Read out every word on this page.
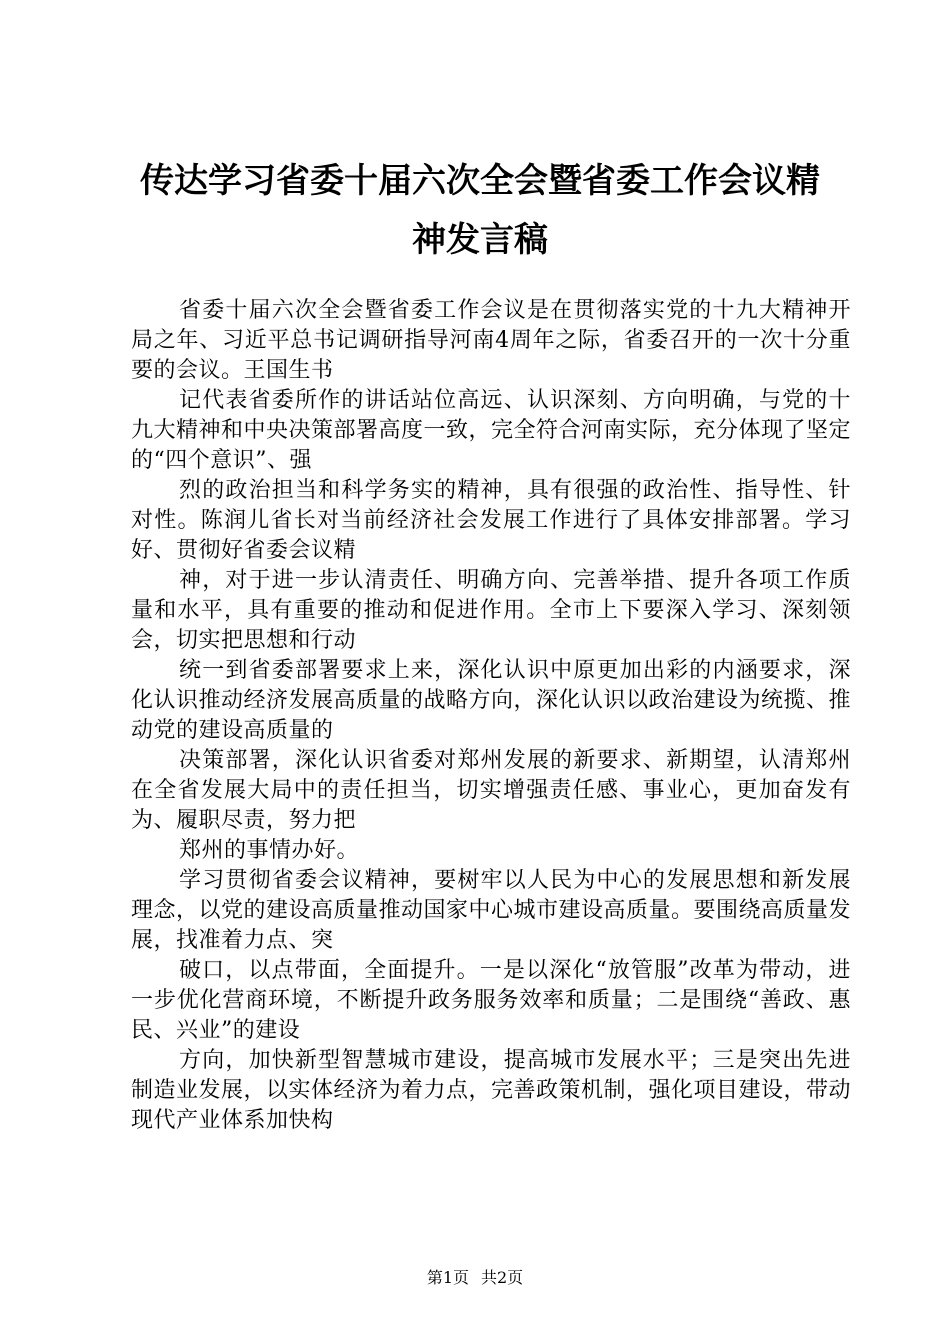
传达学习省委十届六次全会暨省委工作会议精
神发言稿

省委十届六次全会暨省委工作会议是在贯彻落实党的十九大精神开局之年、习近平总书记调研指导河南4周年之际，省委召开的一次十分重要的会议。王国生书

记代表省委所作的讲话站位高远、认识深刻、方向明确，与党的十九大精神和中央决策部署高度一致，完全符合河南实际，充分体现了坚定的“四个意识”、强

烈的政治担当和科学务实的精神，具有很强的政治性、指导性、针对性。陈润儿省长对当前经济社会发展工作进行了具体安排部署。学习好、贯彻好省委会议精

神，对于进一步认清责任、明确方向、完善举措、提升各项工作质量和水平，具有重要的推动和促进作用。全市上下要深入学习、深刻领会，切实把思想和行动

统一到省委部署要求上来，深化认识中原更加出彩的内涵要求，深化认识推动经济发展高质量的战略方向，深化认识以政治建设为统揽、推动党的建设高质量的

决策部署，深化认识省委对郑州发展的新要求、新期望，认清郑州在全省发展大局中的责任担当，切实增强责任感、事业心，更加奋发有为、履职尽责，努力把

郑州的事情办好。

学习贯彻省委会议精神，要树牢以人民为中心的发展思想和新发展理念，以党的建设高质量推动国家中心城市建设高质量。要围绕高质量发展，找准着力点、突

破口，以点带面，全面提升。一是以深化“放管服”改革为带动，进一步优化营商环境，不断提升政务服务效率和质量；二是围绕“善政、惠民、兴业”的建设

方向，加快新型智慧城市建设，提高城市发展水平；三是突出先进制造业发展，以实体经济为着力点，完善政策机制，强化项目建设，带动现代产业体系加快构

第1页 共2页
